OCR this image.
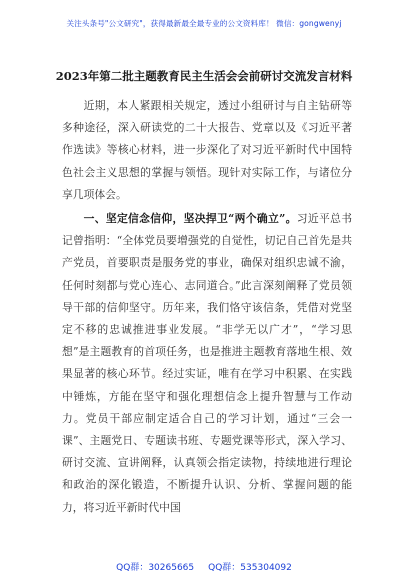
关注头条号"公文研究"，获得最新最全最专业的公文资料库！ 微信：gongwenyj
2023年第二批主题教育民主生活会会前研讨交流发言材料

近期，本人紧跟相关规定，透过小组研讨与自主钻研等多种途径，深入研读党的二十大报告、党章以及《习近平著作选读》等核心材料，进一步深化了对习近平新时代中国特色社会主义思想的掌握与领悟。现针对实际工作，与诸位分享几项体会。

一、坚定信念信仰，坚决捍卫“两个确立”。习近平总书记曾指明：“全体党员要增强党的自觉性，切记自己首先是共产党员，首要职责是服务党的事业，确保对组织忠诚不渝，任何时刻都与党心连心、志同道合。”此言深刻阐释了党员领导干部的信仰坚守。历年来，我们恪守该信条，凭借对党坚定不移的忠诚推进事业发展。“非学无以广才”，“学习思想”是主题教育的首项任务，也是推进主题教育落地生根、效果显著的核心环节。经过实证，唯有在学习中积累、在实践中锤炼，方能在坚守和强化理想信念上提升智慧与工作动力。党员干部应制定适合自己的学习计划，通过“三会一课”、主题党日、专题读书班、专题党课等形式，深入学习、研讨交流、宣讲阐释，认真领会指定读物，持续地进行理论和政治的深化锻造，不断提升认识、分析、掌握问题的能力，将习近平新时代中国

QQ群：30265665 QQ群：535304092
